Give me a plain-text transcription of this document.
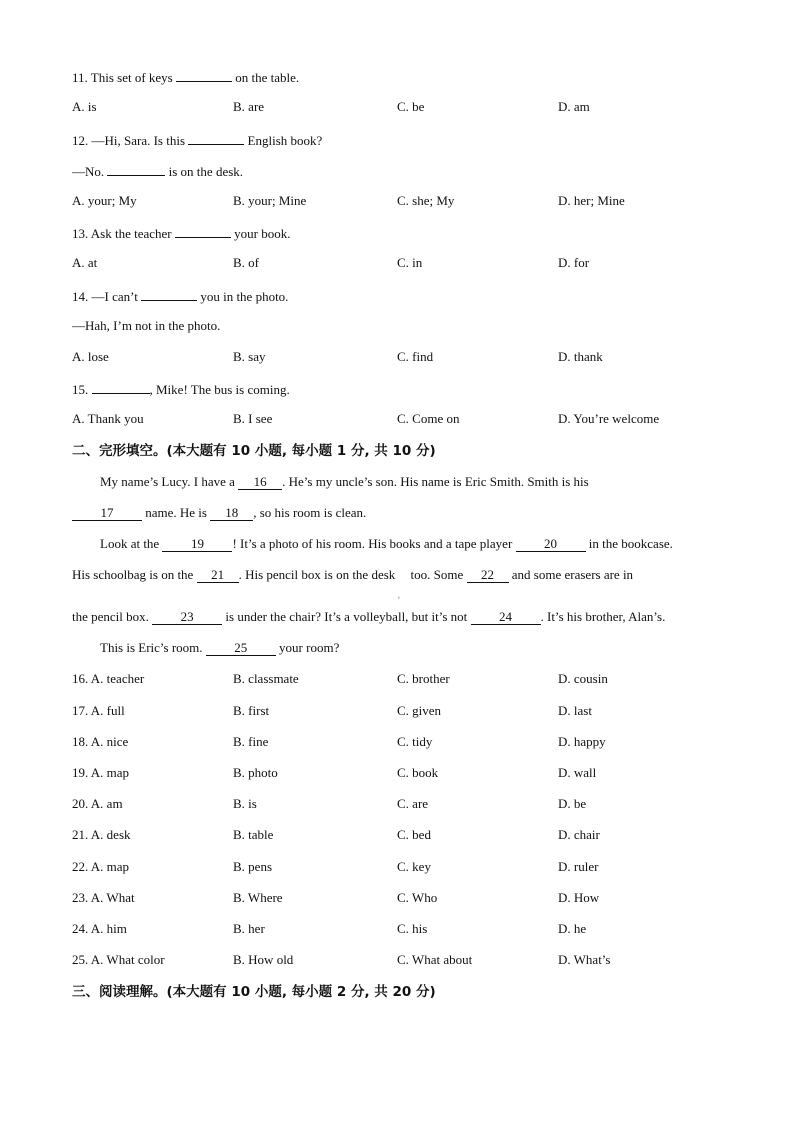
11. This set of keys	on the table.
A. is	B. are	C. be	D. am
12. —Hi, Sara. Is this	English book?
—No.	is on the desk.
A. your; My	B. your; Mine	C. she; My	D. her; Mine
13. Ask the teacher	your book.
A. at	B. of	C. in	D. for
14. —I can’t	you in the photo.
—Hah, I’m not in the photo.
A. lose	B. say	C. find	D. thank
15.	, Mike! The bus is coming.
A. Thank you	B. I see	C. Come on	D. You’re welcome
二、完形填空。(本大题有 10 小题, 每小题 1 分, 共 10 分)
My name’s Lucy. I have a 16 . He’s my uncle’s son. His name is Eric Smith. Smith is his
17 name. He is 18 , so his room is clean.
Look at the 19 ! It’s a photo of his room. His books and a tape player 20 in the bookcase.
His schoolbag is on the 21 . His pencil box is on the desk
ˌ
too. Some 22 and some erasers are in
the pencil box. 23 is under the chair? It’s a volleyball, but it’s not 24 . It’s his brother, Alan’s.
This is Eric’s room. 25 your room?
16. A. teacher	B. classmate	C. brother	D. cousin
17. A. full	B. first	C. given	D. last
18. A. nice	B. fine	C. tidy	D. happy
19. A. map	B. photo	C. book	D. wall
20. A. am	B. is	C. are	D. be
21. A. desk	B. table	C. bed	D. chair
22. A. map	B. pens	C. key	D. ruler
23. A. What	B. Where	C. Who	D. How
24. A. him	B. her	C. his	D. he
25. A. What color	B. How old	C. What about	D. What’s
三、阅读理解。(本大题有 10 小题, 每小题 2 分, 共 20 分)
